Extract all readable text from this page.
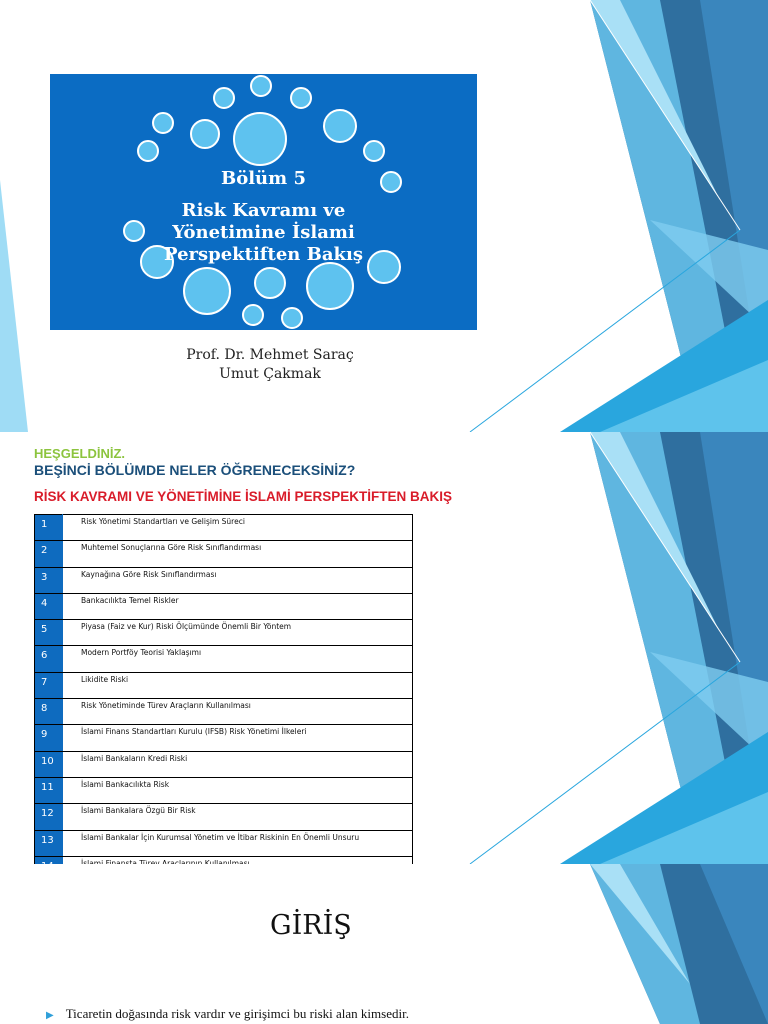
Bölüm 5
Risk Kavramı ve
Yönetimine İslami
Perspektiften Bakış
Prof. Dr. Mehmet Saraç
Umut Çakmak
HEŞGELDİNİZ.
BEŞİNCİ BÖLÜMDE NELER ÖĞRENECEKSİNİZ?
RİSK KAVRAMI VE YÖNETİMİNE İSLAMİ PERSPEKTİFTEN BAKIŞ
1	Risk Yönetimi Standartları ve Gelişim Süreci
2	Muhtemel Sonuçlarına Göre Risk Sınıflandırması
3	Kaynağına Göre Risk Sınıflandırması
4	Bankacılıkta Temel Riskler
5	Piyasa (Faiz ve Kur) Riski Ölçümünde Önemli Bir Yöntem
6	Modern Portföy Teorisi Yaklaşımı
7	Likidite Riski
8	Risk Yönetiminde Türev Araçların Kullanılması
9	İslami Finans Standartları Kurulu (IFSB) Risk Yönetimi İlkeleri
10	İslami Bankaların Kredi Riski
11	İslami Bankacılıkta Risk
12	İslami Bankalara Özgü Bir Risk
13	İslami Bankalar İçin Kurumsal Yönetim ve İtibar Riskinin En Önemli Unsuru

GİRİŞ
▶ Ticaretin doğasında risk vardır ve girişimci bu riski alan kimsedir.
